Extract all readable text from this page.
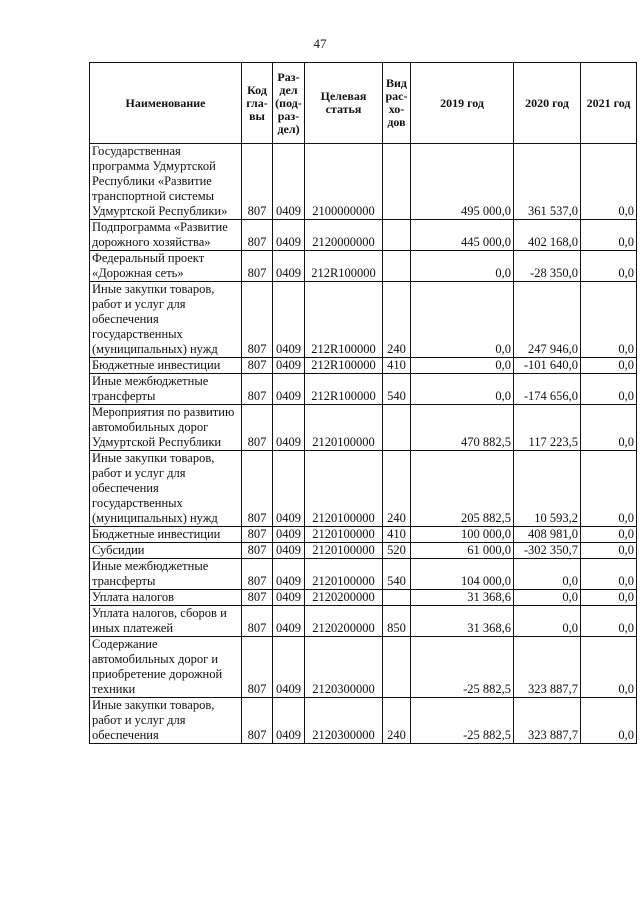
47
Наименование	Код гла-вы	Раз-дел (под-раз-дел)	Целевая статья	Вид рас-хо-дов	2019 год	2020 год	2021 год
Государственная программа Удмуртской Республики «Развитие транспортной системы Удмуртской Республики»	807	0409	2100000000		495 000,0	361 537,0	0,0
Подпрограмма «Развитие дорожного хозяйства»	807	0409	2120000000		445 000,0	402 168,0	0,0
Федеральный проект «Дорожная сеть»	807	0409	212R100000		0,0	-28 350,0	0,0
Иные закупки товаров, работ и услуг для обеспечения государственных (муниципальных) нужд	807	0409	212R100000	240	0,0	247 946,0	0,0
Бюджетные инвестиции	807	0409	212R100000	410	0,0	-101 640,0	0,0
Иные межбюджетные трансферты	807	0409	212R100000	540	0,0	-174 656,0	0,0
Мероприятия по развитию автомобильных дорог Удмуртской Республики	807	0409	2120100000		470 882,5	117 223,5	0,0
Иные закупки товаров, работ и услуг для обеспечения государственных (муниципальных) нужд	807	0409	2120100000	240	205 882,5	10 593,2	0,0
Бюджетные инвестиции	807	0409	2120100000	410	100 000,0	408 981,0	0,0
Субсидии	807	0409	2120100000	520	61 000,0	-302 350,7	0,0
Иные межбюджетные трансферты	807	0409	2120100000	540	104 000,0	0,0	0,0
Уплата налогов	807	0409	2120200000		31 368,6	0,0	0,0
Уплата налогов, сборов и иных платежей	807	0409	2120200000	850	31 368,6	0,0	0,0
Содержание автомобильных дорог и приобретение дорожной техники	807	0409	2120300000		-25 882,5	323 887,7	0,0
Иные закупки товаров, работ и услуг для обеспечения	807	0409	2120300000	240	-25 882,5	323 887,7	0,0
